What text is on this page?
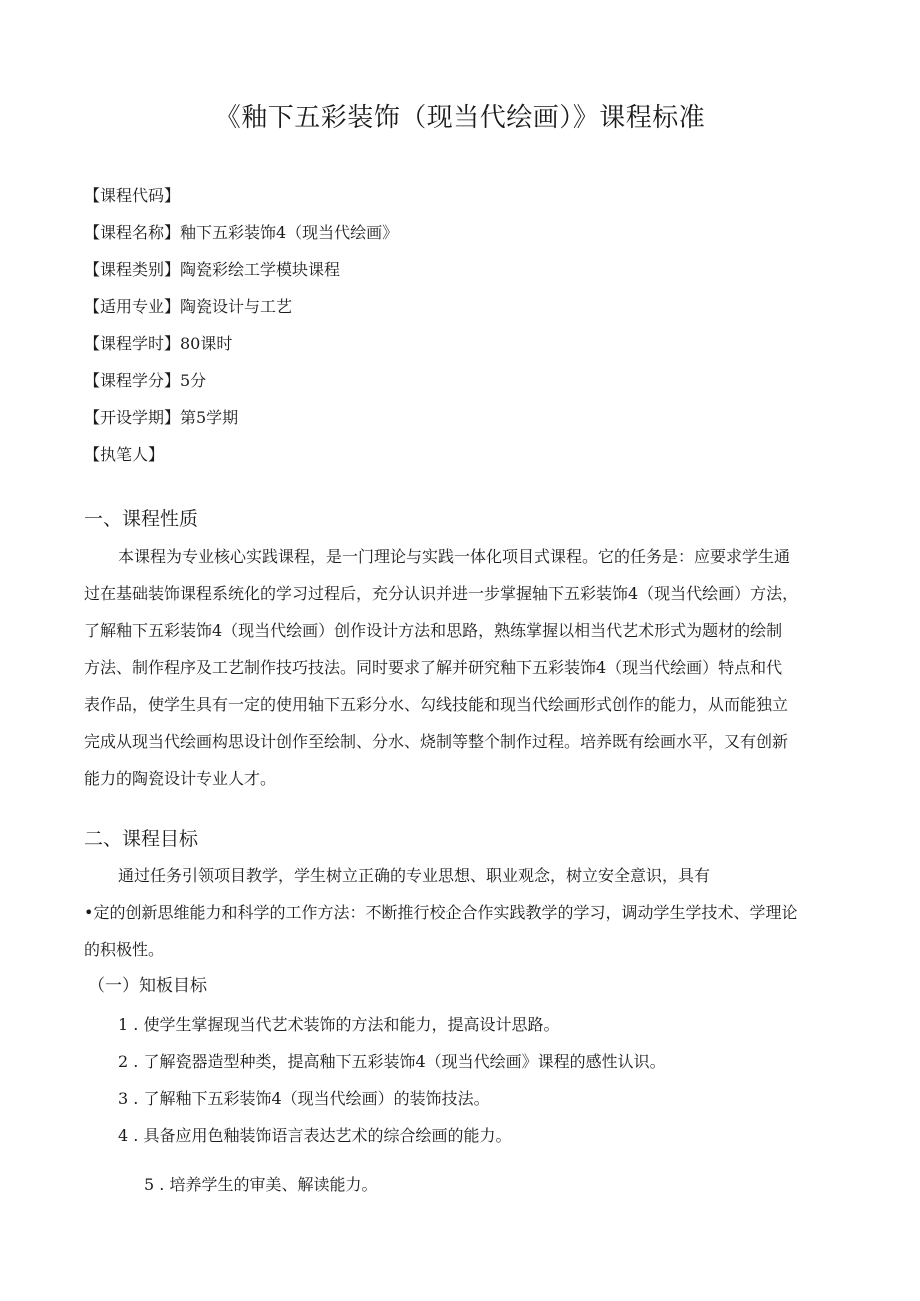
《釉下五彩装饰（现当代绘画）》课程标准
【课程代码】
【课程名称】釉下五彩装饰4（现当代绘画》
【课程类别】陶瓷彩绘工学模块课程
【适用专业】陶瓷设计与工艺
【课程学时】80课时
【课程学分】5分
【开设学期】第5学期
【执笔人】
一、课程性质
本课程为专业核心实践课程，是一门理论与实践一体化项目式课程。它的任务是：应要求学生通
过在基础装饰课程系统化的学习过程后，充分认识并进一步掌握轴下五彩装饰4（现当代绘画）方法，
了解釉下五彩装饰4（现当代绘画）创作设计方法和思路，熟练掌握以相当代艺术形式为题材的绘制
方法、制作程序及工艺制作技巧技法。同时要求了解并研究釉下五彩装饰4（现当代绘画）特点和代
表作品，使学生具有一定的使用轴下五彩分水、勾线技能和现当代绘画形式创作的能力，从而能独立
完成从现当代绘画构思设计创作至绘制、分水、烧制等整个制作过程。培养既有绘画水平，又有创新
能力的陶瓷设计专业人才。
二、课程目标
通过任务引领项目教学，学生树立正确的专业思想、职业观念，树立安全意识，具有
•定的创新思维能力和科学的工作方法：不断推行校企合作实践教学的学习，调动学生学技术、学理论
的积极性。
（一）知板目标
1 . 使学生掌握现当代艺术装饰的方法和能力，提高设计思路。
2 . 了解瓷器造型种类，提高釉下五彩装饰4（现当代绘画》课程的感性认识。
3 . 了解釉下五彩装饰4（现当代绘画）的装饰技法。
4 . 具备应用色釉装饰语言表达艺术的综合绘画的能力。
5 . 培养学生的审美、解读能力。
